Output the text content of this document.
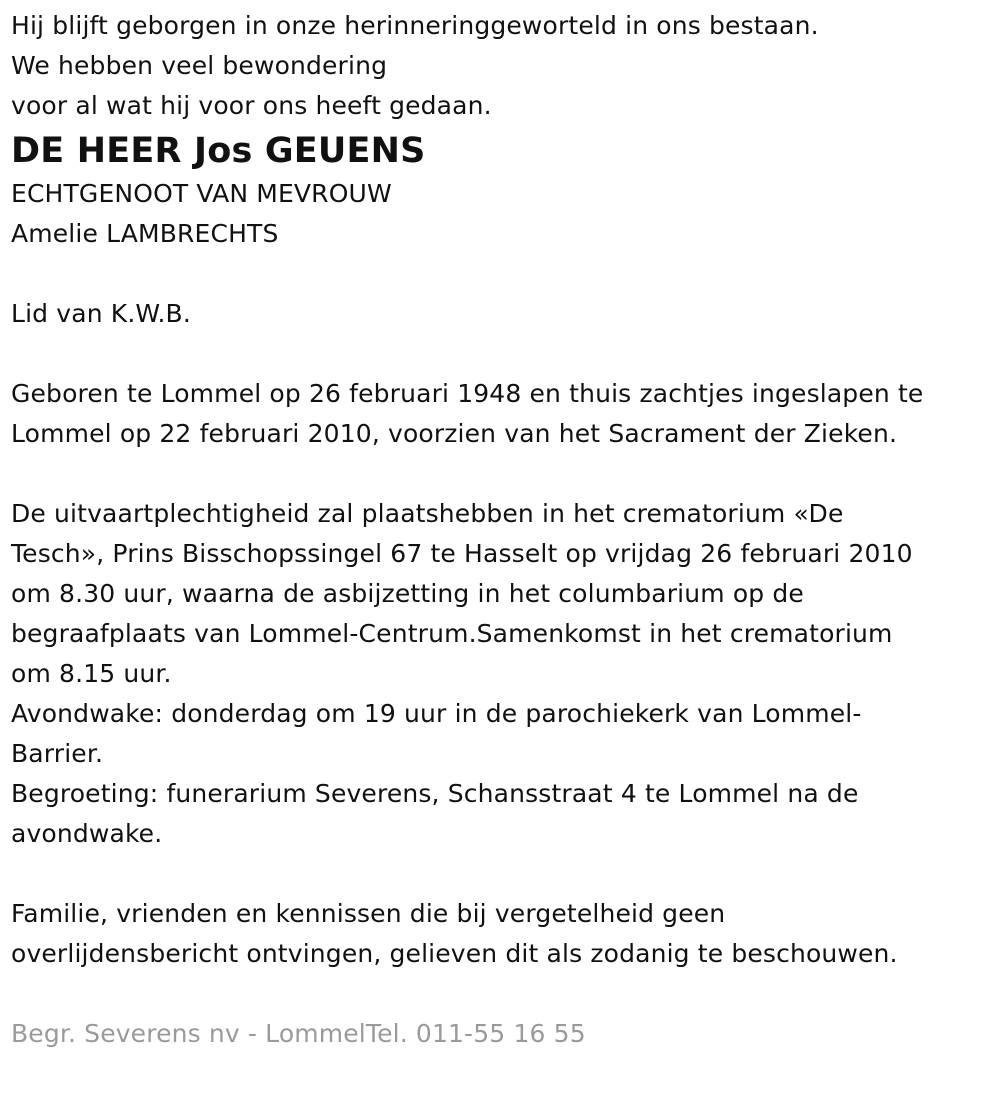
Hij blijft geborgen in onze herinneringgeworteld in ons bestaan.
We hebben veel bewondering
voor al wat hij voor ons heeft gedaan.
DE HEER Jos GEUENS
ECHTGENOOT VAN MEVROUW
Amelie LAMBRECHTS
Lid van K.W.B.
Geboren te Lommel op 26 februari 1948 en thuis zachtjes ingeslapen te
Lommel op 22 februari 2010, voorzien van het Sacrament der Zieken.
De uitvaartplechtigheid zal plaatshebben in het crematorium «De
Tesch», Prins Bisschopssingel 67 te Hasselt op vrijdag 26 februari 2010
om 8.30 uur, waarna de asbijzetting in het columbarium op de
begraafplaats van Lommel-Centrum.Samenkomst in het crematorium
om 8.15 uur.
Avondwake: donderdag om 19 uur in de parochiekerk van Lommel-
Barrier.
Begroeting: funerarium Severens, Schansstraat 4 te Lommel na de
avondwake.
Familie, vrienden en kennissen die bij vergetelheid geen
overlijdensbericht ontvingen, gelieven dit als zodanig te beschouwen.
Begr. Severens nv - LommelTel. 011-55 16 55
